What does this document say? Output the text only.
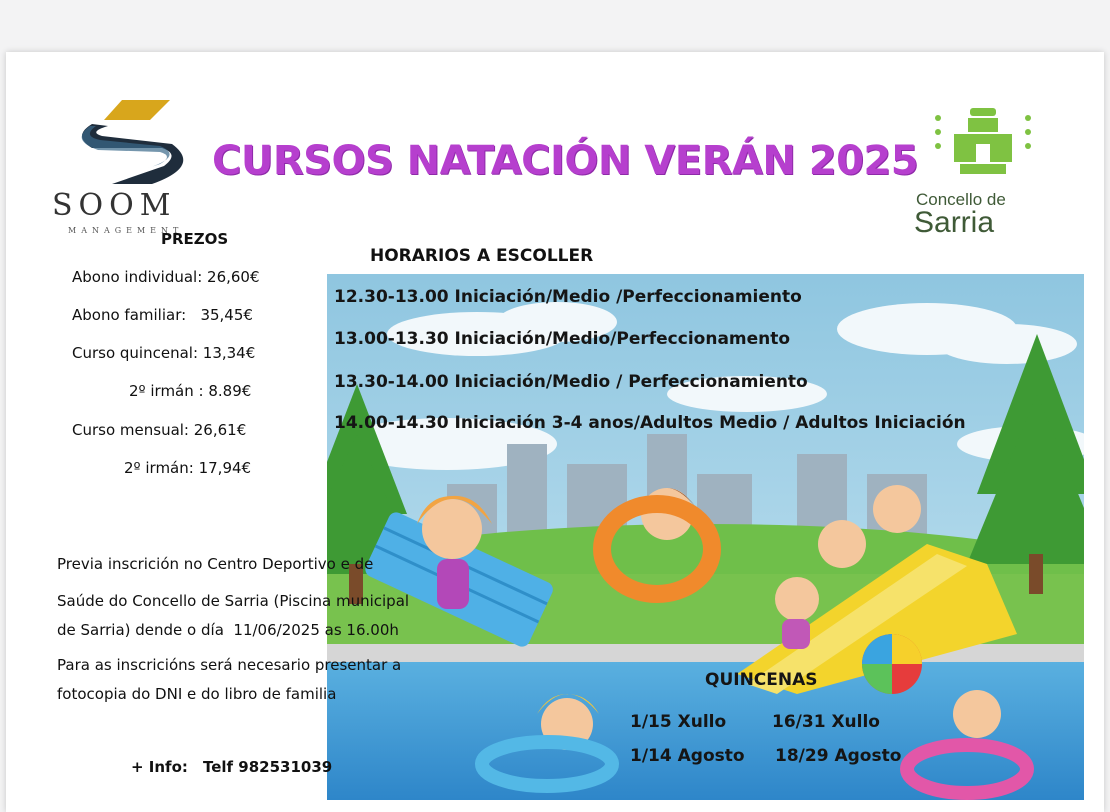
SOOM
MANAGEMENT
CURSOS NATACIÓN VERÁN 2025
Concello de
Sarria
PREZOS
Abono individual: 26,60€
Abono familiar:   35,45€
Curso quincenal: 13,34€
2º irmán : 8.89€
Curso mensual: 26,61€
2º irmán: 17,94€
HORARIOS A ESCOLLER
12.30-13.00 Iniciación/Medio /Perfeccionamiento
13.00-13.30 Iniciación/Medio/Perfeccionamento
13.30-14.00 Iniciación/Medio / Perfeccionamiento
14.00-14.30 Iniciación 3-4 anos/Adultos Medio / Adultos Iniciación
Previa inscrición no Centro Deportivo e de
Saúde do Concello de Sarria (Piscina municipal
de Sarria) dende o día  11/06/2025 as 16.00h
Para as inscricións será necesario presentar a
fotocopia do DNI e do libro de familia
+ Info: Telf 982531039
QUINCENAS
1/15 Xullo	16/31 Xullo
1/14 Agosto 18/29 Agosto
